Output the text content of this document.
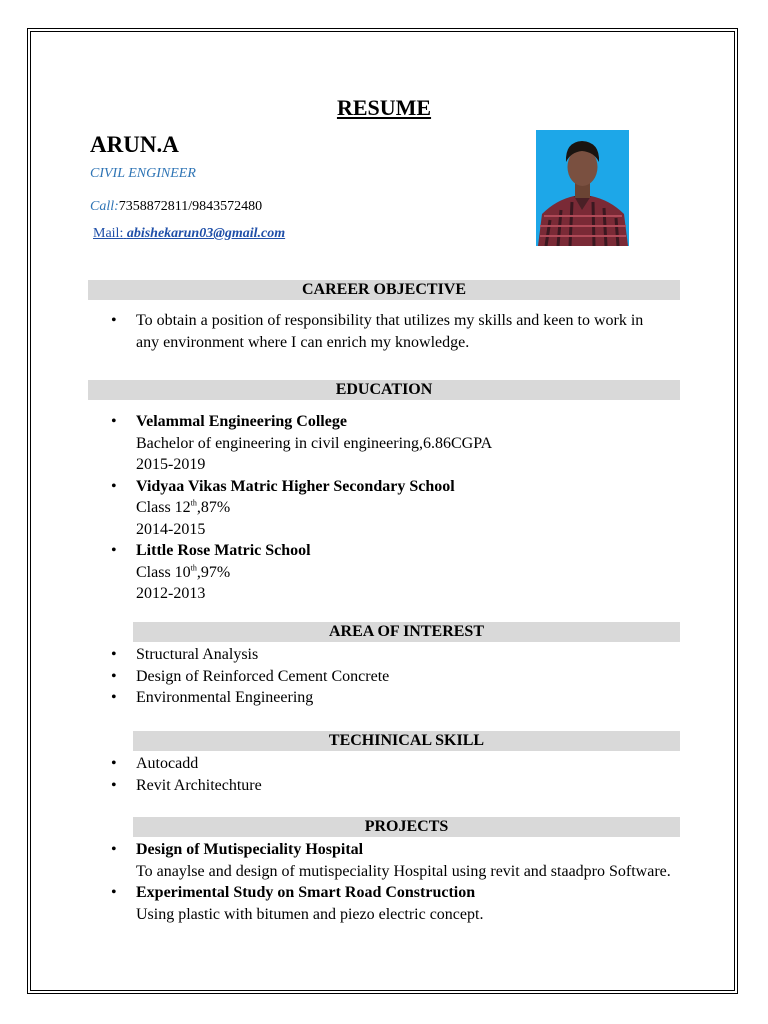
RESUME
ARUN.A
CIVIL ENGINEER
Call:7358872811/9843572480
Mail: abishekarun03@gmail.com
CAREER OBJECTIVE
• To obtain a position of responsibility that utilizes my skills and keen to work in any environment where I can enrich my knowledge.
EDUCATION
• Velammal Engineering College
Bachelor of engineering in civil engineering,6.86CGPA
2015-2019
• Vidyaa Vikas Matric Higher Secondary School
Class 12th,87%
2014-2015
• Little Rose Matric School
Class 10th,97%
2012-2013
AREA OF INTEREST
• Structural Analysis
• Design of Reinforced Cement Concrete
• Environmental Engineering
TECHINICAL SKILL
• Autocadd
• Revit Architechture
PROJECTS
• Design of Mutispeciality Hospital
To anaylse and design of mutispeciality Hospital using revit and staadpro Software.
• Experimental Study on Smart Road Construction
Using plastic with bitumen and piezo electric concept.
